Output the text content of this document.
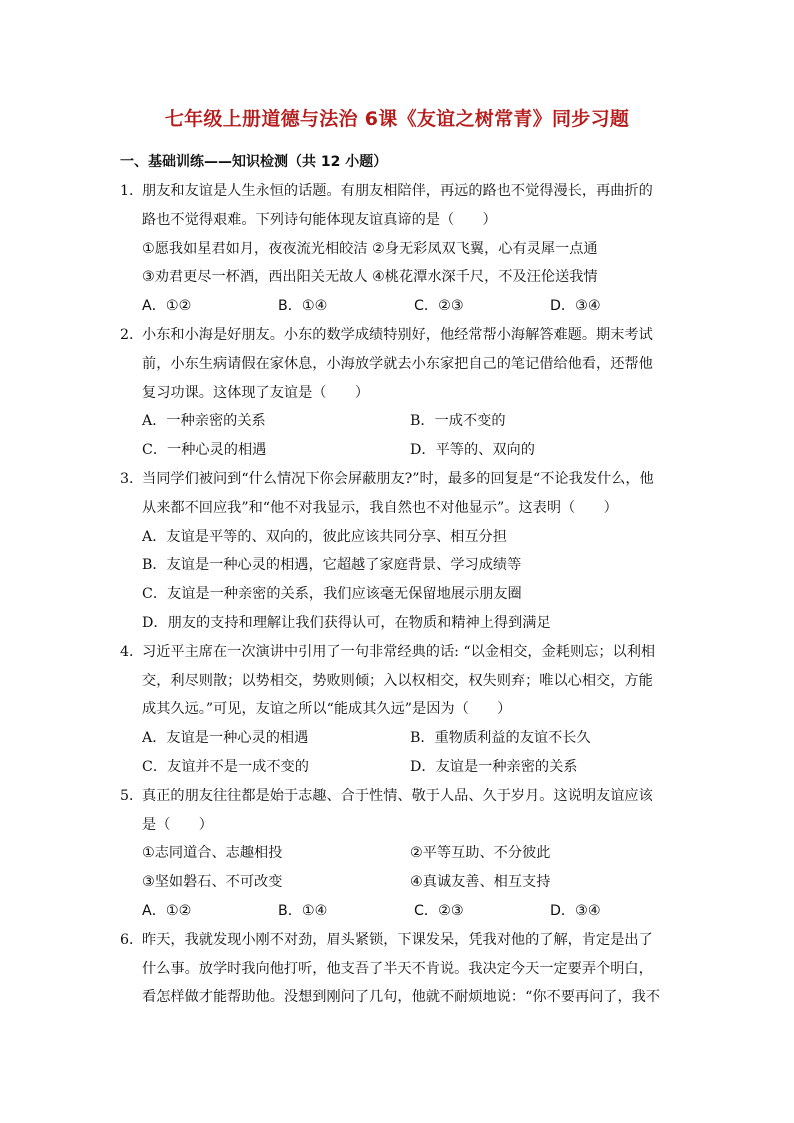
七年级上册道德与法治 6课《友谊之树常青》同步习题
一、基础训练——知识检测（共 12 小题）
1．朋友和友谊是人生永恒的话题。有朋友相陪伴，再远的路也不觉得漫长，再曲折的
路也不觉得艰难。下列诗句能体现友谊真谛的是（　　）
①愿我如星君如月，夜夜流光相皎洁 ②身无彩凤双飞翼，心有灵犀一点通
③劝君更尽一杯酒，西出阳关无故人 ④桃花潭水深千尺，不及汪伦送我情
A．①②	B．①④	C．②③	D．③④
2．小东和小海是好朋友。小东的数学成绩特别好，他经常帮小海解答难题。期末考试
前，小东生病请假在家休息，小海放学就去小东家把自己的笔记借给他看，还帮他
复习功课。这体现了友谊是（　　）
A．一种亲密的关系	B．一成不变的
C．一种心灵的相遇	D．平等的、双向的
3．当同学们被问到“什么情况下你会屏蔽朋友?”时，最多的回复是“不论我发什么，他
从来都不回应我”和“他不对我显示，我自然也不对他显示”。这表明（　　）
A．友谊是平等的、双向的，彼此应该共同分享、相互分担
B．友谊是一种心灵的相遇，它超越了家庭背景、学习成绩等
C．友谊是一种亲密的关系，我们应该毫无保留地展示朋友圈
D．朋友的支持和理解让我们获得认可，在物质和精神上得到满足
4．习近平主席在一次演讲中引用了一句非常经典的话: “以金相交，金耗则忘；以利相
交，利尽则散；以势相交，势败则倾；入以权相交，权失则弃；唯以心相交，方能
成其久远。”可见，友谊之所以“能成其久远”是因为（　　）
A．友谊是一种心灵的相遇	B．重物质利益的友谊不长久
C．友谊并不是一成不变的	D．友谊是一种亲密的关系
5．真正的朋友往往都是始于志趣、合于性情、敬于人品、久于岁月。这说明友谊应该
是（　　）
①志同道合、志趣相投	②平等互助、不分彼此
③坚如磐石、不可改变	④真诚友善、相互支持
A．①②	B．①④	C．②③	D．③④
6．昨天，我就发现小刚不对劲，眉头紧锁，下课发呆，凭我对他的了解，肯定是出了
什么事。放学时我向他打听，他支吾了半天不肯说。我决定今天一定要弄个明白，
看怎样做才能帮助他。没想到刚问了几句，他就不耐烦地说：“你不要再问了，我不
